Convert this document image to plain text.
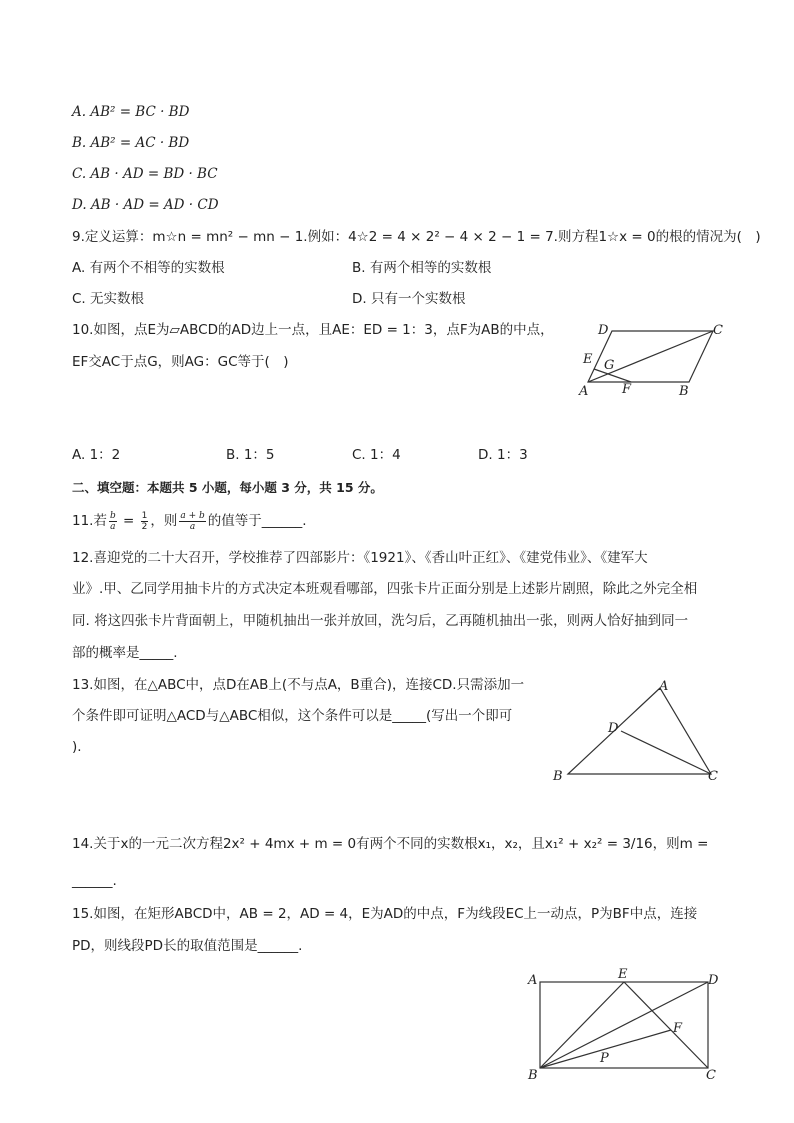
A. AB² = BC · BD
B. AB² = AC · BD
C. AB · AD = BD · BC
D. AB · AD = AD · CD
9.定义运算：m☆n = mn² − mn − 1.例如：4☆2 = 4 × 2² − 4 × 2 − 1 = 7.则方程1☆x = 0的根的情况为(　)
A. 有两个不相等的实数根	B. 有两个相等的实数根
C. 无实数根	D. 只有一个实数根
10.如图，点E为▱ABCD的AD边上一点，且AE：ED = 1：3，点F为AB的中点，
EF交AC于点G，则AG：GC等于(　)
D	C
E G
A	F	B
A. 1：2	B. 1：5	C. 1：4	D. 1：3
二、填空题：本题共 5 小题，每小题 3 分，共 15 分。
11.若 $\frac{b}{a} = \frac{1}{2}$ ，则 $\frac{a + b}{a}$ 的值等于______.
12.喜迎党的二十大召开，学校推荐了四部影片：《1921》、《香山叶正红》、《建党伟业》、《建军大
业》.甲、乙同学用抽卡片的方式决定本班观看哪部，四张卡片正面分别是上述影片剧照，除此之外完全相
同. 将这四张卡片背面朝上，甲随机抽出一张并放回，洗匀后，乙再随机抽出一张，则两人恰好抽到同一
部的概率是_____.
13.如图，在△ABC中，点D在AB上(不与点A，B重合)，连接CD.只需添加一
个条件即可证明△ACD与△ABC相似，这个条件可以是_____(写出一个即可
).
A
D
B	C
14.关于x的一元二次方程2x² + 4mx + m = 0有两个不同的实数根x₁，x₂，且x₁² + x₂² = 3/16，则m =
______.
15.如图，在矩形ABCD中，AB = 2，AD = 4，E为AD的中点，F为线段EC上一动点，P为BF中点，连接
PD，则线段PD长的取值范围是______.
A	E	D
F
P
B	C
